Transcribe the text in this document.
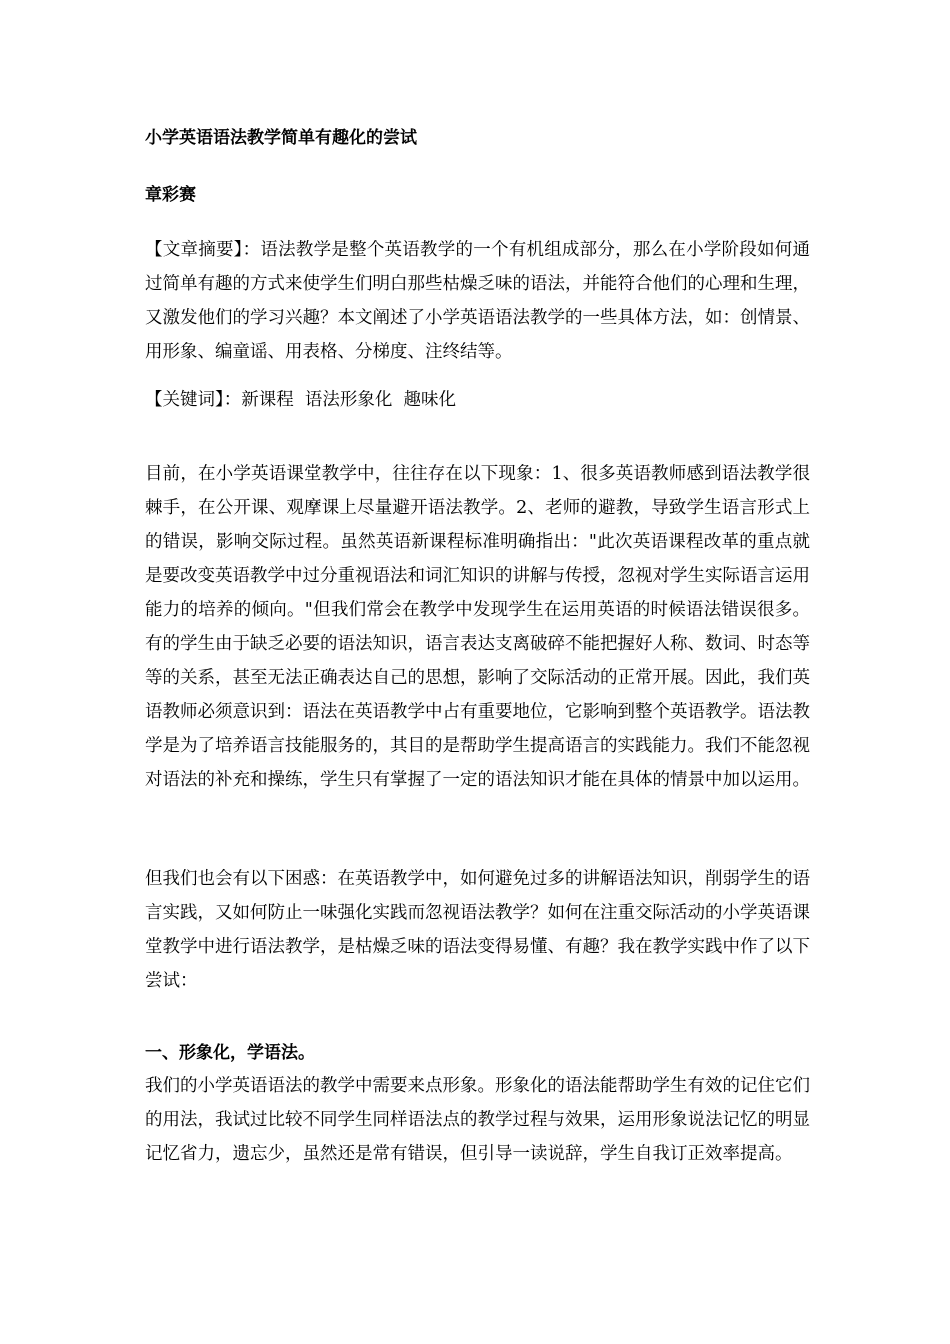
小学英语语法教学简单有趣化的尝试

章彩赛

【文章摘要】：语法教学是整个英语教学的一个有机组成部分，那么在小学阶段如何通过简单有趣的方式来使学生们明白那些枯燥乏味的语法，并能符合他们的心理和生理，又激发他们的学习兴趣？本文阐述了小学英语语法教学的一些具体方法，如：创情景、用形象、编童谣、用表格、分梯度、注终结等。

【关键词】：新课程  语法形象化  趣味化

目前，在小学英语课堂教学中，往往存在以下现象：1、很多英语教师感到语法教学很棘手，在公开课、观摩课上尽量避开语法教学。2、老师的避教，导致学生语言形式上的错误，影响交际过程。虽然英语新课程标准明确指出："此次英语课程改革的重点就是要改变英语教学中过分重视语法和词汇知识的讲解与传授，忽视对学生实际语言运用能力的培养的倾向。"但我们常会在教学中发现学生在运用英语的时候语法错误很多。有的学生由于缺乏必要的语法知识，语言表达支离破碎不能把握好人称、数词、时态等等的关系，甚至无法正确表达自己的思想，影响了交际活动的正常开展。因此，我们英语教师必须意识到：语法在英语教学中占有重要地位，它影响到整个英语教学。语法教学是为了培养语言技能服务的，其目的是帮助学生提高语言的实践能力。我们不能忽视对语法的补充和操练，学生只有掌握了一定的语法知识才能在具体的情景中加以运用。

但我们也会有以下困惑：在英语教学中，如何避免过多的讲解语法知识，削弱学生的语言实践，又如何防止一味强化实践而忽视语法教学？如何在注重交际活动的小学英语课堂教学中进行语法教学，是枯燥乏味的语法变得易懂、有趣？我在教学实践中作了以下尝试：

一、形象化，学语法。

我们的小学英语语法的教学中需要来点形象。形象化的语法能帮助学生有效的记住它们的用法，我试过比较不同学生同样语法点的教学过程与效果，运用形象说法记忆的明显记忆省力，遗忘少，虽然还是常有错误，但引导一读说辞，学生自我订正效率提高。
